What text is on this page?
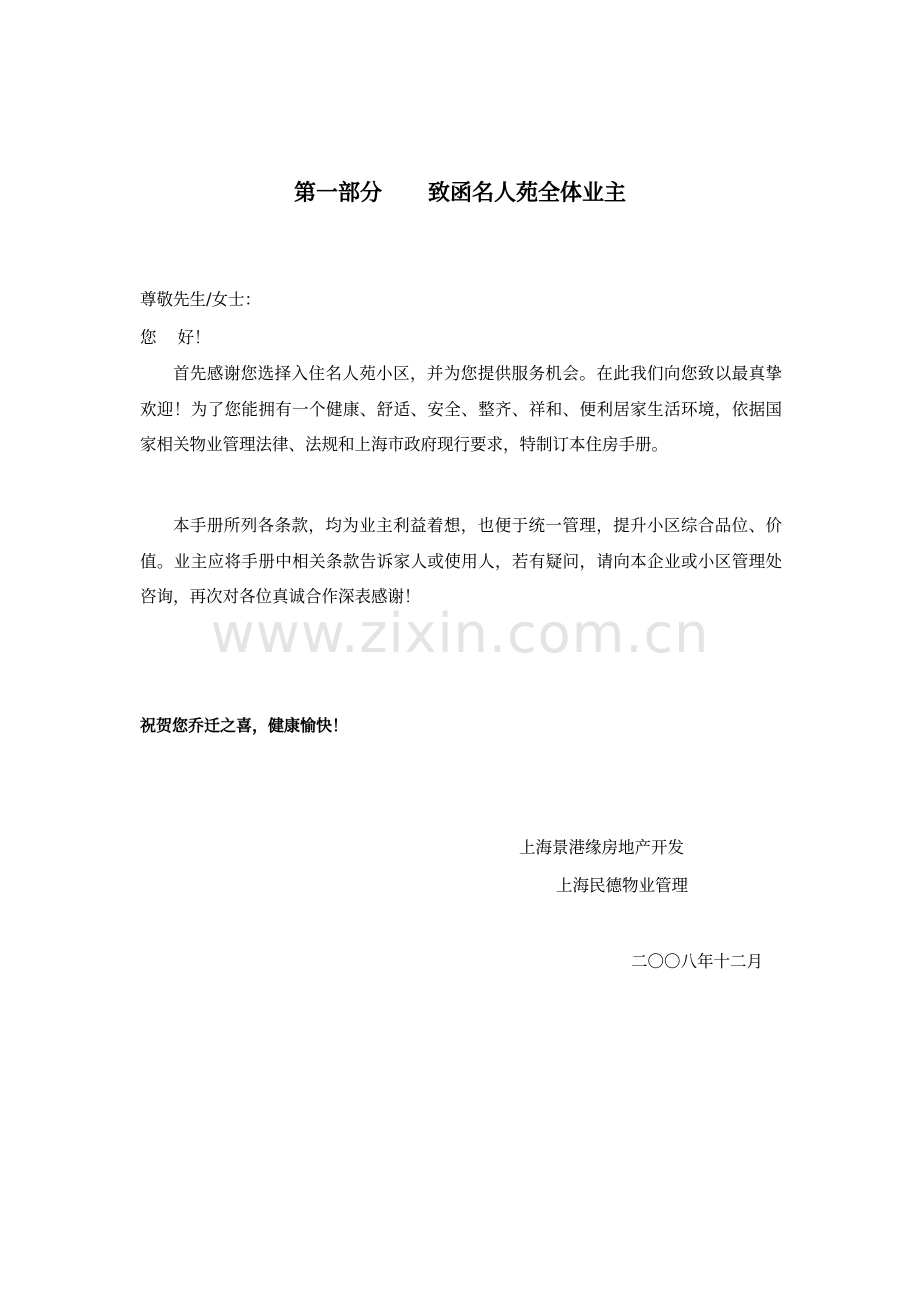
第一部分      致函名人苑全体业主
尊敬先生/女士：
您    好！
首先感谢您选择入住名人苑小区，并为您提供服务机会。在此我们向您致以最真挚欢迎！为了您能拥有一个健康、舒适、安全、整齐、祥和、便利居家生活环境，依据国家相关物业管理法律、法规和上海市政府现行要求，特制订本住房手册。
本手册所列各条款，均为业主利益着想，也便于统一管理，提升小区综合品位、价值。业主应将手册中相关条款告诉家人或使用人，若有疑问，请向本企业或小区管理处咨询，再次对各位真诚合作深表感谢！
www.zixin.com.cn
祝贺您乔迁之喜，健康愉快！
上海景港缘房地产开发
上海民德物业管理
二〇〇八年十二月
